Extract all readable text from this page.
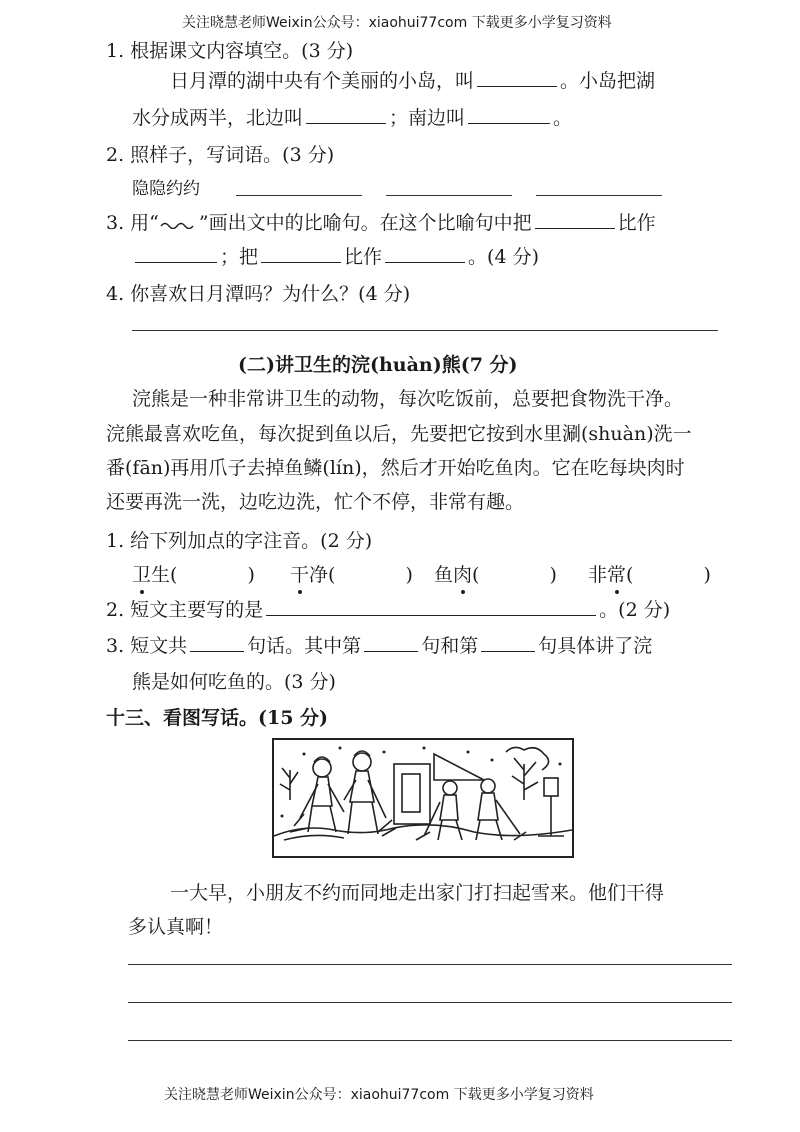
关注晓慧老师Weixin公众号：xiaohui77com 下载更多小学复习资料
1. 根据课文内容填空。(3 分)
日月潭的湖中央有个美丽的小岛，叫	。小岛把湖
水分成两半，北边叫	；南边叫	。
2. 照样子，写词语。(3 分)
隐隐约约
3. 用“ ”画出文中的比喻句。在这个比喻句中把	比作
；把	比作	。(4 分)
4. 你喜欢日月潭吗？为什么？(4 分)
(二)讲卫生的浣(huàn)熊(7 分)
浣熊是一种非常讲卫生的动物，每次吃饭前，总要把食物洗干净。
浣熊最喜欢吃鱼，每次捉到鱼以后，先要把它按到水里涮(shuàn)洗一
番(fān)再用爪子去掉鱼鳞(lín)，然后才开始吃鱼肉。它在吃每块肉时
还要再洗一洗，边吃边洗，忙个不停，非常有趣。
1. 给下列加点的字注音。(2 分)
卫生(	) 干净(	) 鱼肉(	) 非常(	)
2. 短文主要写的是	。(2 分)
3. 短文共	句话。其中第	句和第	句具体讲了浣
熊是如何吃鱼的。(3 分)
十三、看图写话。(15 分)
一大早，小朋友不约而同地走出家门打扫起雪来。他们干得
多认真啊！
关注晓慧老师Weixin公众号：xiaohui77com 下载更多小学复习资料
